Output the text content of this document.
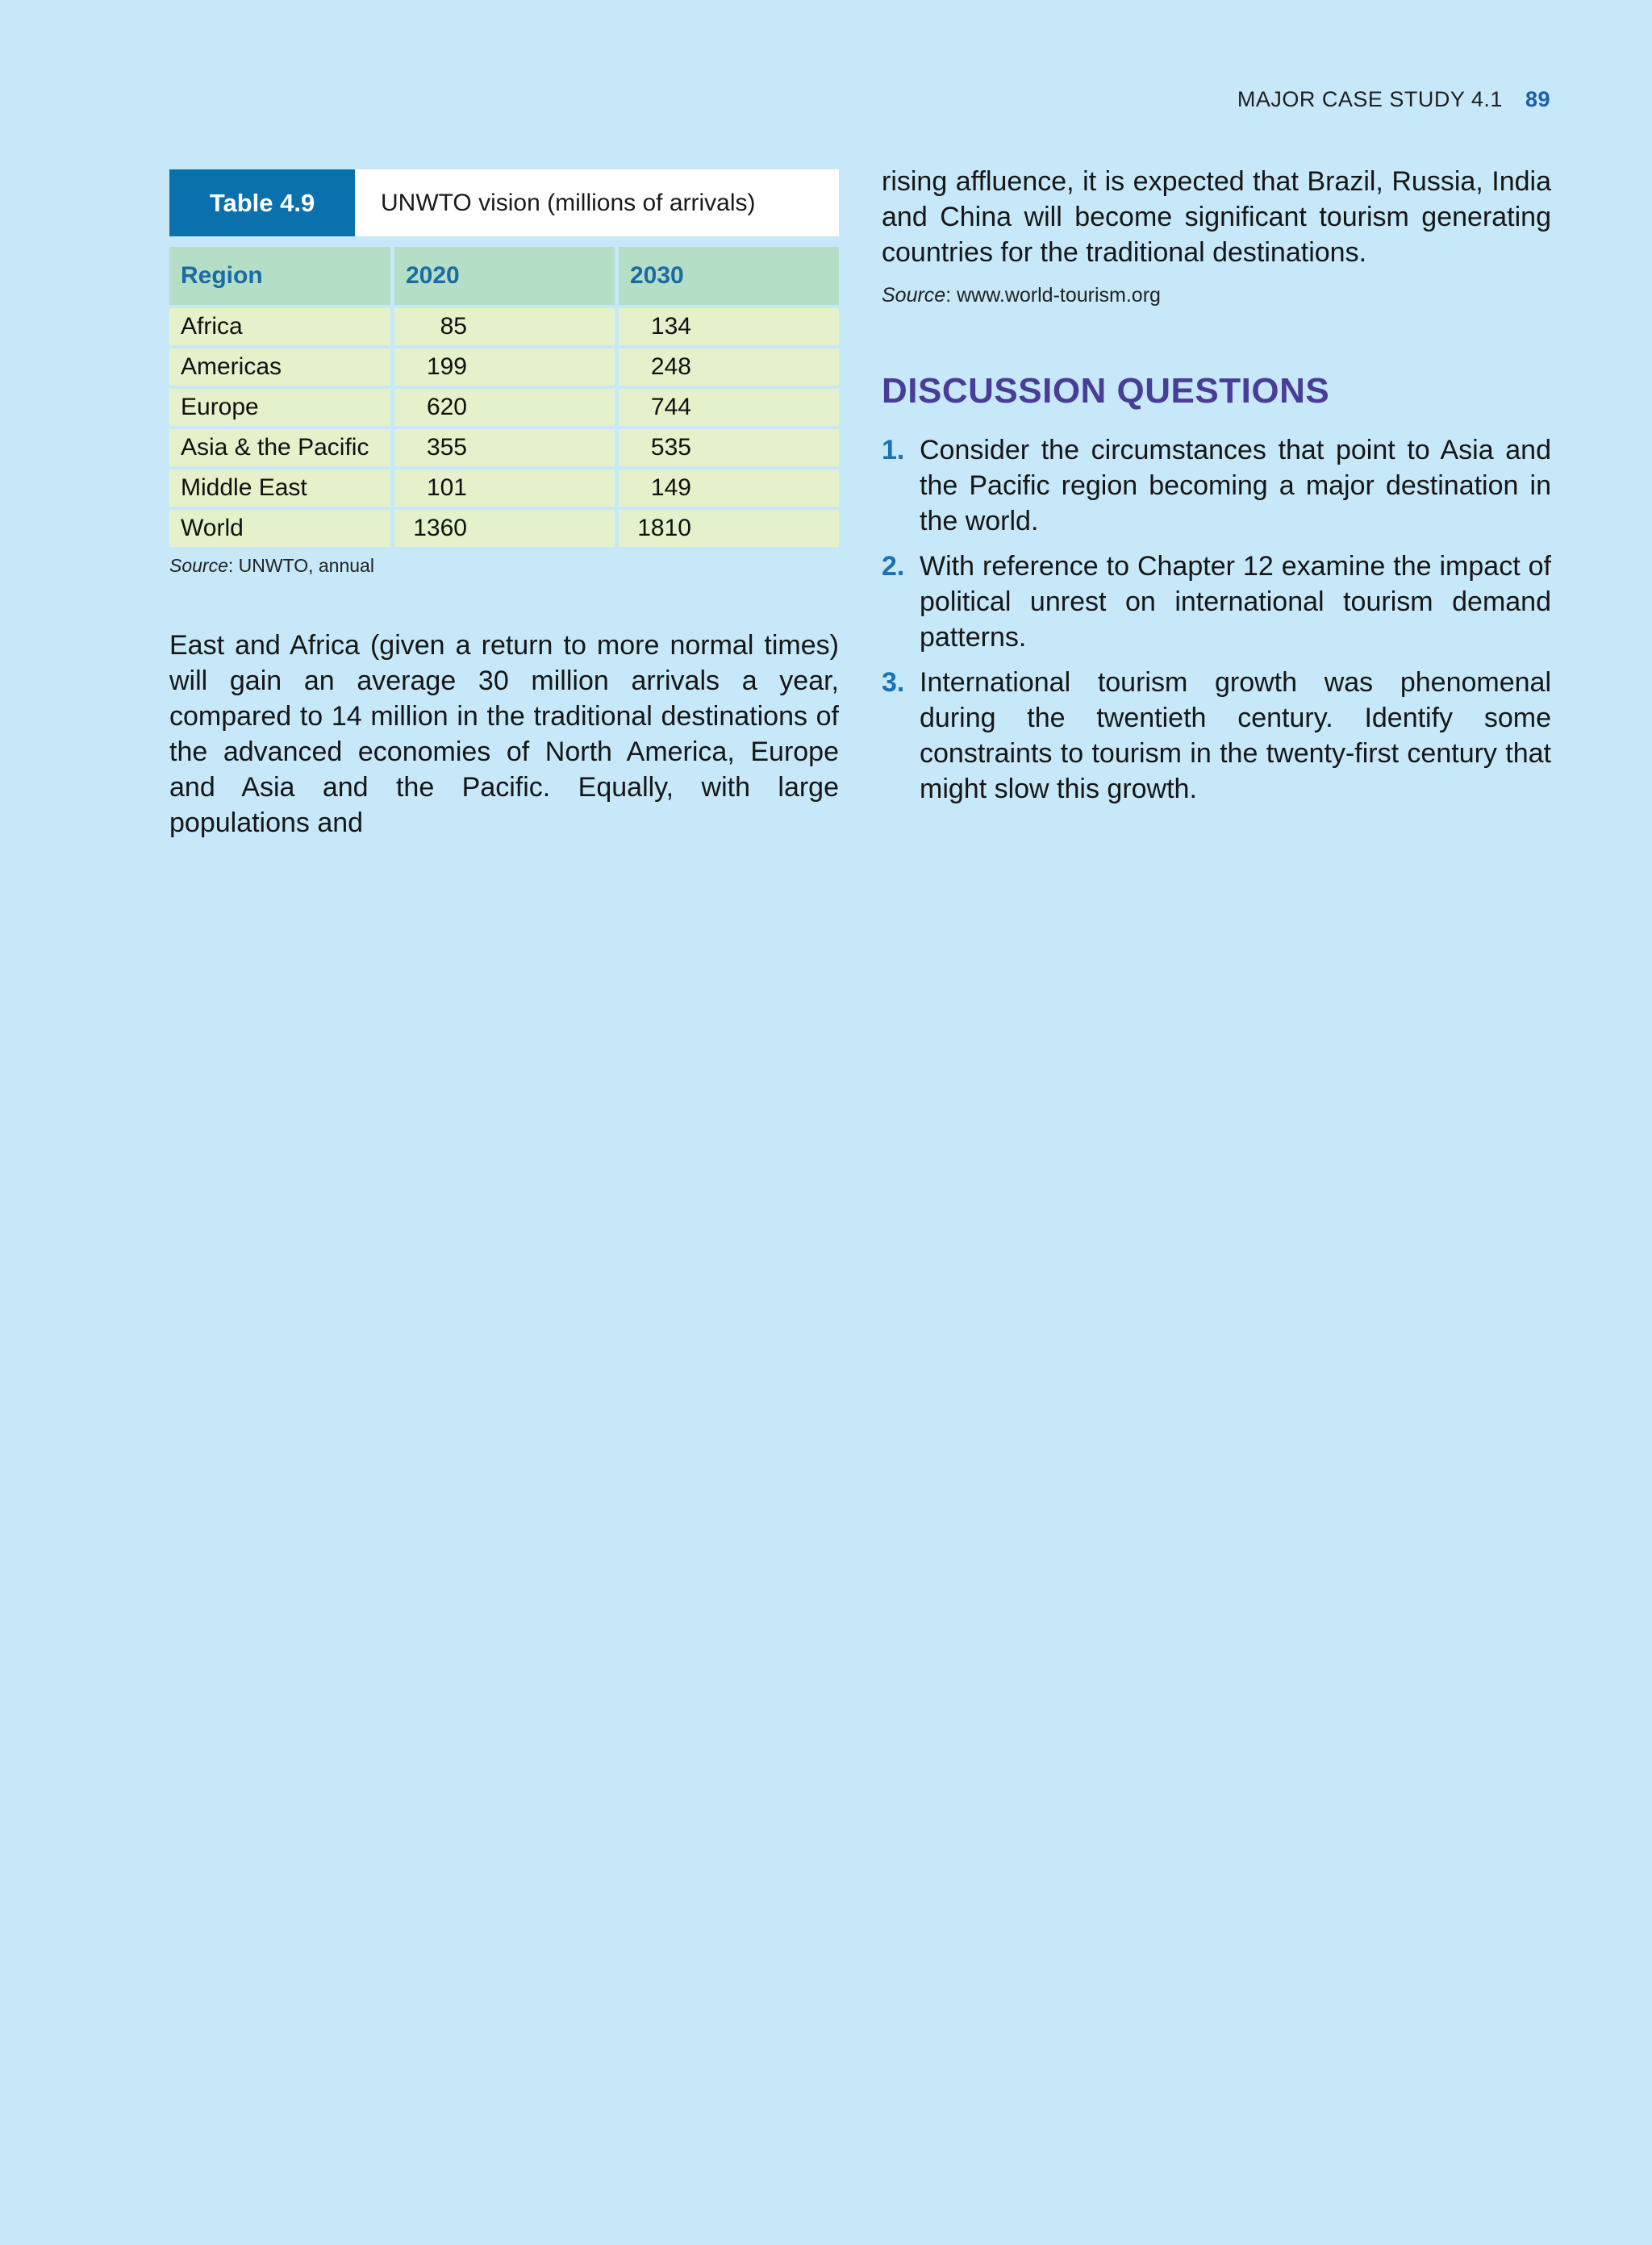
MAJOR CASE STUDY 4.1 89
Table 4.9	UNWTO vision (millions of arrivals)
Region	2020	2030
Africa	85	134
Americas	199	248
Europe	620	744
Asia & the Pacific	355	535
Middle East	101	149
World	1360	1810
Source: UNWTO, annual
East and Africa (given a return to more normal times) will gain an average 30 million arrivals a year, compared to 14 million in the traditional destinations of the advanced economies of North America, Europe and Asia and the Pacific. Equally, with large populations and
rising affluence, it is expected that Brazil, Russia, India and China will become significant tourism generating countries for the traditional destinations.
Source: www.world-tourism.org
DISCUSSION QUESTIONS
1. Consider the circumstances that point to Asia and the Pacific region becoming a major destination in the world.
2. With reference to Chapter 12 examine the impact of political unrest on international tourism demand patterns.
3. International tourism growth was phenomenal during the twentieth century. Identify some constraints to tourism in the twenty-first century that might slow this growth.
